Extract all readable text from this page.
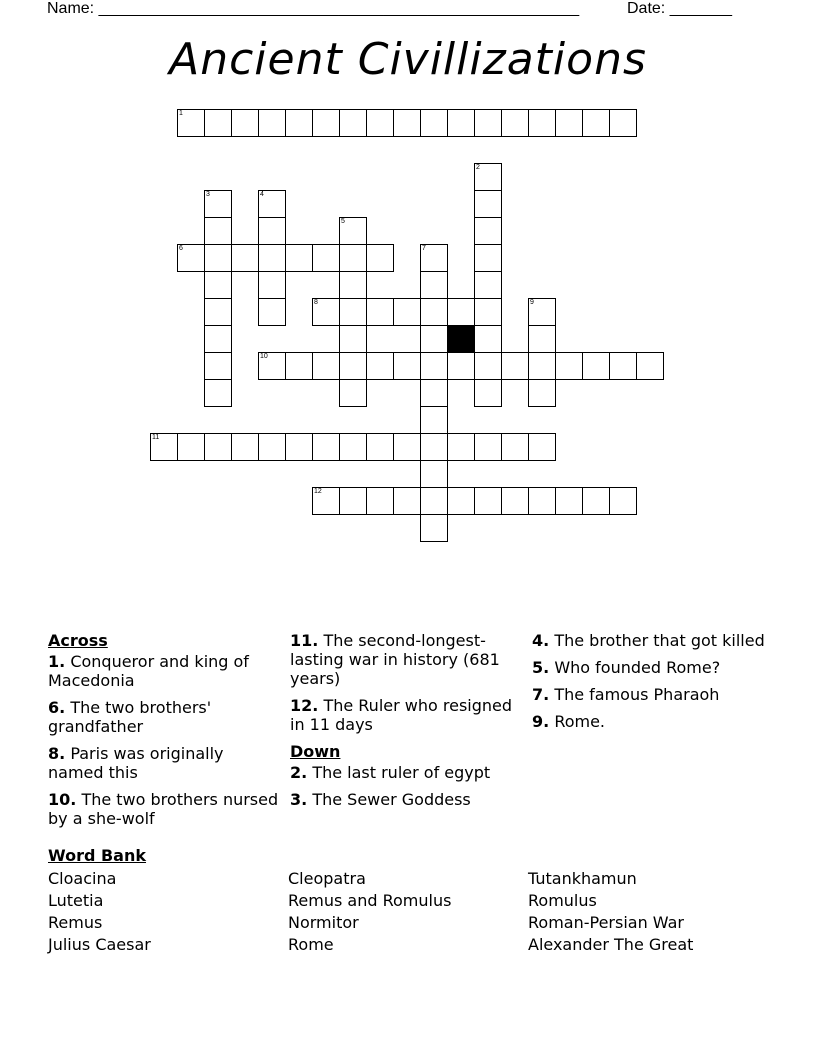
Name: ______________________________________________________	Date: _______
Ancient Civillizations
1
2
3	4
5
6	7
8	9
10
11
12
Across
1. Conqueror and king of Macedonia
6. The two brothers' grandfather
8. Paris was originally named this
10. The two brothers nursed by a she-wolf
11. The second-longest-lasting war in history (681 years)
12. The Ruler who resigned in 11 days
Down
2. The last ruler of egypt
3. The Sewer Goddess
4. The brother that got killed
5. Who founded Rome?
7. The famous Pharaoh
9. Rome.
Word Bank
Cloacina
Lutetia
Remus
Julius Caesar
Cleopatra
Remus and Romulus
Normitor
Rome
Tutankhamun
Romulus
Roman-Persian War
Alexander The Great
